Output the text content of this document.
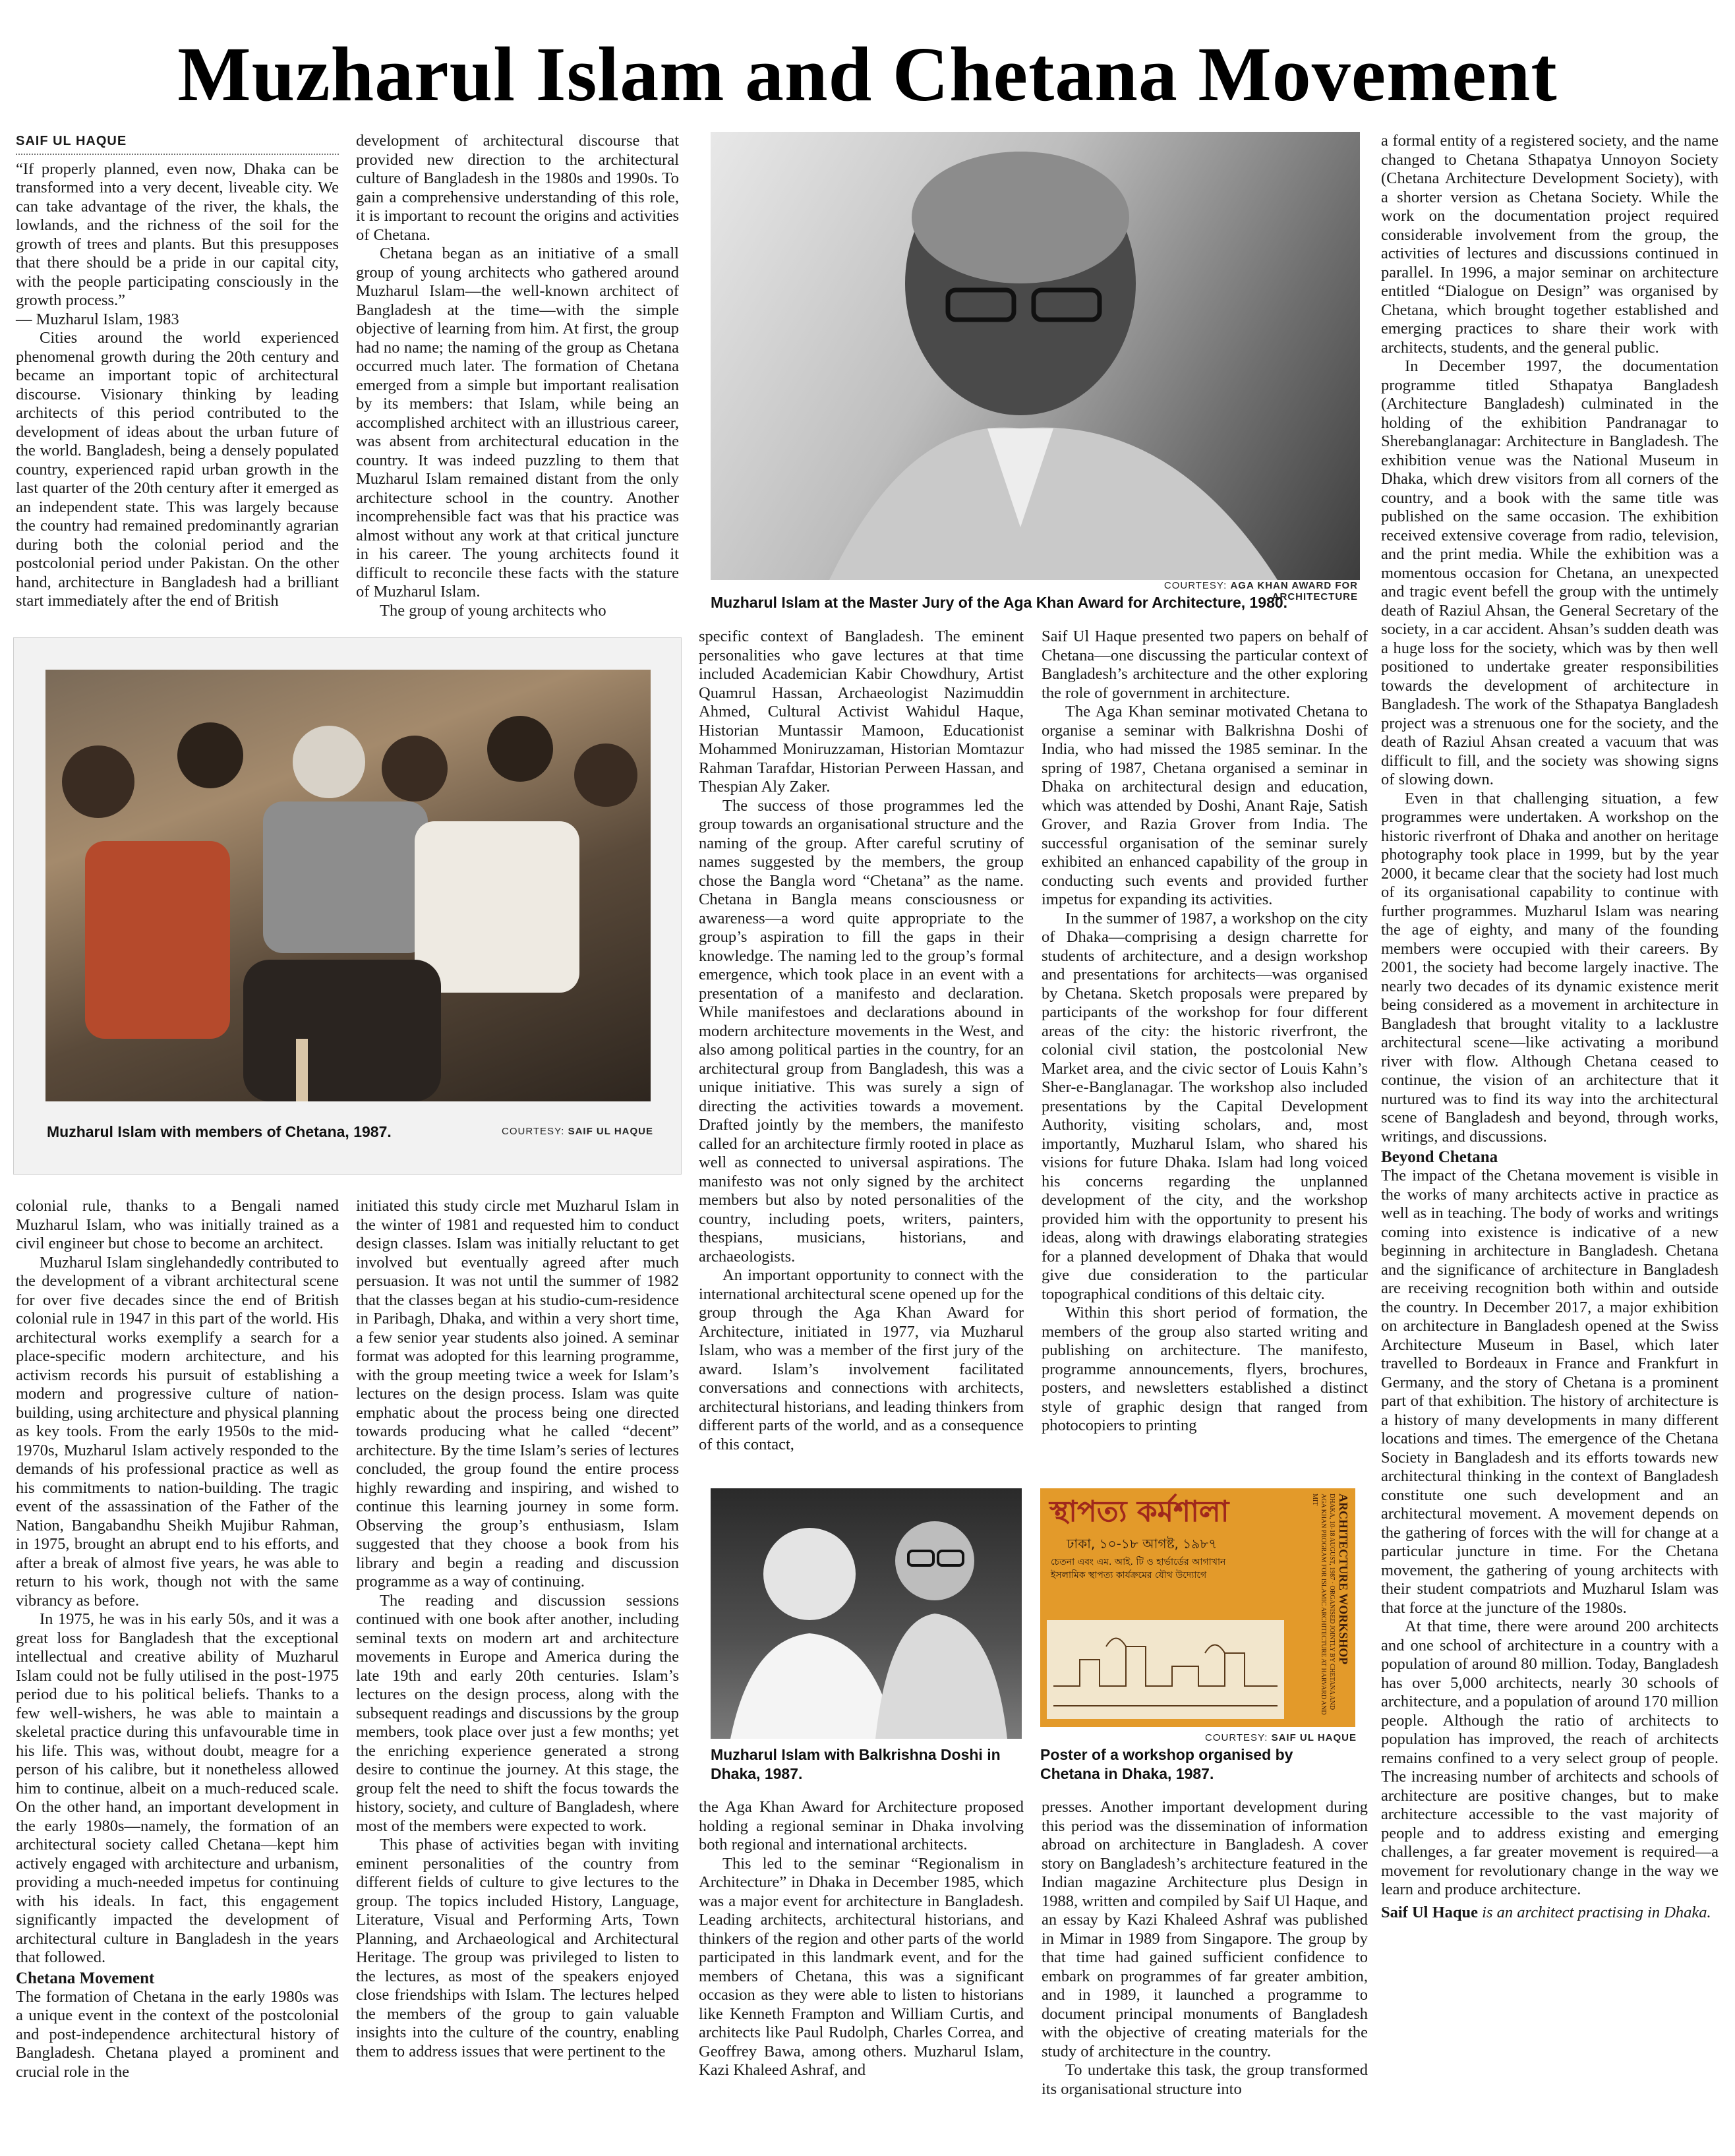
Muzharul Islam and Chetana Movement
SAIF UL HAQUE

“If properly planned, even now, Dhaka can be transformed into a very decent, liveable city. We can take advantage of the river, the khals, the lowlands, and the richness of the soil for the growth of trees and plants. But this presupposes that there should be a pride in our capital city, with the people participating consciously in the growth process.”

— Muzharul Islam, 1983

Cities around the world experienced phenomenal growth during the 20th century and became an important topic of architectural discourse. Visionary thinking by leading architects of this period contributed to the development of ideas about the urban future of the world. Bangladesh, being a densely populated country, experienced rapid urban growth in the last quarter of the 20th century after it emerged as an independent state. This was largely because the country had remained predominantly agrarian during both the colonial period and the postcolonial period under Pakistan. On the other hand, architecture in Bangladesh had a brilliant start immediately after the end of British

development of architectural discourse that provided new direction to the architectural culture of Bangladesh in the 1980s and 1990s. To gain a comprehensive understanding of this role, it is important to recount the origins and activities of Chetana.

Chetana began as an initiative of a small group of young architects who gathered around Muzharul Islam—the well-known architect of Bangladesh at the time—with the simple objective of learning from him. At first, the group had no name; the naming of the group as Chetana occurred much later. The formation of Chetana emerged from a simple but important realisation by its members: that Islam, while being an accomplished architect with an illustrious career, was absent from architectural education in the country. It was indeed puzzling to them that Muzharul Islam remained distant from the only architecture school in the country. Another incomprehensible fact was that his practice was almost without any work at that critical juncture in his career. The young architects found it difficult to reconcile these facts with the stature of Muzharul Islam.

The group of young architects who

COURTESY: AGA KHAN AWARD FOR ARCHITECTURE
Muzharul Islam at the Master Jury of the Aga Khan Award for Architecture, 1980.

a formal entity of a registered society, and the name changed to Chetana Sthapatya Unnoyon Society (Chetana Architecture Development Society), with a shorter version as Chetana Society. While the work on the documentation project required considerable involvement from the group, the activities of lectures and discussions continued in parallel. In 1996, a major seminar on architecture entitled “Dialogue on Design” was organised by Chetana, which brought together established and emerging practices to share their work with architects, students, and the general public.

In December 1997, the documentation programme titled Sthapatya Bangladesh (Architecture Bangladesh) culminated in the holding of the exhibition Pandranagar to Sherebanglanagar: Architecture in Bangladesh. The exhibition venue was the National Museum in Dhaka, which drew visitors from all corners of the country, and a book with the same title was published on the same occasion. The exhibition received extensive coverage from radio, television, and the print media. While the exhibition was a momentous occasion for Chetana, an unexpected and tragic event befell the group with the untimely death of Raziul Ahsan, the General Secretary of the society, in a car accident. Ahsan’s sudden death was a huge loss for the society, which was by then well positioned to undertake greater responsibilities towards the development of architecture in Bangladesh. The work of the Sthapatya Bangladesh project was a strenuous one for the society, and the death of Raziul Ahsan created a vacuum that was difficult to fill, and the society was showing signs of slowing down.

Even in that challenging situation, a few programmes were undertaken. A workshop on the historic riverfront of Dhaka and another on heritage photography took place in 1999, but by the year 2000, it became clear that the society had lost much of its organisational capability to continue with further programmes. Muzharul Islam was nearing the age of eighty, and many of the founding members were occupied with their careers. By 2001, the society had become largely inactive. The nearly two decades of its dynamic existence merit being considered as a movement in architecture in Bangladesh that brought vitality to a lacklustre architectural scene—like activating a moribund river with flow. Although Chetana ceased to continue, the vision of an architecture that it nurtured was to find its way into the architectural scene of Bangladesh and beyond, through works, writings, and discussions.

Beyond Chetana

The impact of the Chetana movement is visible in the works of many architects active in practice as well as in teaching. The body of works and writings coming into existence is indicative of a new beginning in architecture in Bangladesh. Chetana and the significance of architecture in Bangladesh are receiving recognition both within and outside the country. In December 2017, a major exhibition on architecture in Bangladesh opened at the Swiss Architecture Museum in Basel, which later travelled to Bordeaux in France and Frankfurt in Germany, and the story of Chetana is a prominent part of that exhibition. The history of architecture is a history of many developments in many different locations and times. The emergence of the Chetana Society in Bangladesh and its efforts towards new architectural thinking in the context of Bangladesh constitute one such development and an architectural movement. A movement depends on the gathering of forces with the will for change at a particular juncture in time. For the Chetana movement, the gathering of young architects with their student compatriots and Muzharul Islam was that force at the juncture of the 1980s.

At that time, there were around 200 architects and one school of architecture in a country with a population of around 80 million. Today, Bangladesh has over 5,000 architects, nearly 30 schools of architecture, and a population of around 170 million people. Although the ratio of architects to population has improved, the reach of architects remains confined to a very select group of people. The increasing number of architects and schools of architecture are positive changes, but to make architecture accessible to the vast majority of people and to address existing and emerging challenges, a far greater movement is required—a movement for revolutionary change in the way we learn and produce architecture.

Saif Ul Haque is an architect practising in Dhaka.

Muzharul Islam with members of Chetana, 1987.	COURTESY: SAIF UL HAQUE

specific context of Bangladesh. The eminent personalities who gave lectures at that time included Academician Kabir Chowdhury, Artist Quamrul Hassan, Archaeologist Nazimuddin Ahmed, Cultural Activist Wahidul Haque, Historian Muntassir Mamoon, Educationist Mohammed Moniruzzaman, Historian Momtazur Rahman Tarafdar, Historian Perween Hassan, and Thespian Aly Zaker.

The success of those programmes led the group towards an organisational structure and the naming of the group. After careful scrutiny of names suggested by the members, the group chose the Bangla word “Chetana” as the name. Chetana in Bangla means consciousness or awareness—a word quite appropriate to the group’s aspiration to fill the gaps in their knowledge. The naming led to the group’s formal emergence, which took place in an event with a presentation of a manifesto and declaration. While manifestoes and declarations abound in modern architecture movements in the West, and also among political parties in the country, for an architectural group from Bangladesh, this was a unique initiative. This was surely a sign of directing the activities towards a movement. Drafted jointly by the members, the manifesto called for an architecture firmly rooted in place as well as connected to universal aspirations. The manifesto was not only signed by the architect members but also by noted personalities of the country, including poets, writers, painters, thespians, musicians, historians, and archaeologists.

An important opportunity to connect with the international architectural scene opened up for the group through the Aga Khan Award for Architecture, initiated in 1977, via Muzharul Islam, who was a member of the first jury of the award. Islam’s involvement facilitated conversations and connections with architects, architectural historians, and leading thinkers from different parts of the world, and as a consequence of this contact,

Saif Ul Haque presented two papers on behalf of Chetana—one discussing the particular context of Bangladesh’s architecture and the other exploring the role of government in architecture.

The Aga Khan seminar motivated Chetana to organise a seminar with Balkrishna Doshi of India, who had missed the 1985 seminar. In the spring of 1987, Chetana organised a seminar in Dhaka on architectural design and education, which was attended by Doshi, Anant Raje, Satish Grover, and Razia Grover from India. The successful organisation of the seminar surely exhibited an enhanced capability of the group in conducting such events and provided further impetus for expanding its activities.

In the summer of 1987, a workshop on the city of Dhaka—comprising a design charrette for students of architecture, and a design workshop and presentations for architects—was organised by Chetana. Sketch proposals were prepared by participants of the workshop for four different areas of the city: the historic riverfront, the colonial civil station, the postcolonial New Market area, and the civic sector of Louis Kahn’s Sher-e-Banglanagar. The workshop also included presentations by the Capital Development Authority, visiting scholars, and, most importantly, Muzharul Islam, who shared his visions for future Dhaka. Islam had long voiced his concerns regarding the unplanned development of the city, and the workshop provided him with the opportunity to present his ideas, along with drawings elaborating strategies for a planned development of Dhaka that would give due consideration to the particular topographical conditions of this deltaic city.

Within this short period of formation, the members of the group also started writing and publishing on architecture. The manifesto, programme announcements, flyers, brochures, posters, and newsletters established a distinct style of graphic design that ranged from photocopiers to printing

colonial rule, thanks to a Bengali named Muzharul Islam, who was initially trained as a civil engineer but chose to become an architect.

Muzharul Islam singlehandedly contributed to the development of a vibrant architectural scene for over five decades since the end of British colonial rule in 1947 in this part of the world. His architectural works exemplify a search for a place-specific modern architecture, and his activism records his pursuit of establishing a modern and progressive culture of nation-building, using architecture and physical planning as key tools. From the early 1950s to the mid-1970s, Muzharul Islam actively responded to the demands of his professional practice as well as his commitments to nation-building. The tragic event of the assassination of the Father of the Nation, Bangabandhu Sheikh Mujibur Rahman, in 1975, brought an abrupt end to his efforts, and after a break of almost five years, he was able to return to his work, though not with the same vibrancy as before.

In 1975, he was in his early 50s, and it was a great loss for Bangladesh that the exceptional intellectual and creative ability of Muzharul Islam could not be fully utilised in the post-1975 period due to his political beliefs. Thanks to a few well-wishers, he was able to maintain a skeletal practice during this unfavourable time in his life. This was, without doubt, meagre for a person of his calibre, but it nonetheless allowed him to continue, albeit on a much-reduced scale. On the other hand, an important development in the early 1980s—namely, the formation of an architectural society called Chetana—kept him actively engaged with architecture and urbanism, providing a much-needed impetus for continuing with his ideals. In fact, this engagement significantly impacted the development of architectural culture in Bangladesh in the years that followed.

Chetana Movement

The formation of Chetana in the early 1980s was a unique event in the context of the postcolonial and post-independence architectural history of Bangladesh. Chetana played a prominent and crucial role in the

initiated this study circle met Muzharul Islam in the winter of 1981 and requested him to conduct design classes. Islam was initially reluctant to get involved but eventually agreed after much persuasion. It was not until the summer of 1982 that the classes began at his studio-cum-residence in Paribagh, Dhaka, and within a very short time, a few senior year students also joined. A seminar format was adopted for this learning programme, with the group meeting twice a week for Islam’s lectures on the design process. Islam was quite emphatic about the process being one directed towards producing what he called “decent” architecture. By the time Islam’s series of lectures concluded, the group found the entire process highly rewarding and inspiring, and wished to continue this learning journey in some form. Observing the group’s enthusiasm, Islam suggested that they choose a book from his library and begin a reading and discussion programme as a way of continuing.

The reading and discussion sessions continued with one book after another, including seminal texts on modern art and architecture movements in Europe and America during the late 19th and early 20th centuries. Islam’s lectures on the design process, along with the subsequent readings and discussions by the group members, took place over just a few months; yet the enriching experience generated a strong desire to continue the journey. At this stage, the group felt the need to shift the focus towards the history, society, and culture of Bangladesh, where most of the members were expected to work.

This phase of activities began with inviting eminent personalities of the country from different fields of culture to give lectures to the group. The topics included History, Language, Literature, Visual and Performing Arts, Town Planning, and Archaeological and Architectural Heritage. The group was privileged to listen to the lectures, as most of the speakers enjoyed close friendships with Islam. The lectures helped the members of the group to gain valuable insights into the culture of the country, enabling them to address issues that were pertinent to the

Muzharul Islam with Balkrishna Doshi in Dhaka, 1987.
স্থাপত্য কর্মশালা
ঢাকা, ১০-১৮ আগষ্ট, ১৯৮৭
চেতনা এবং এম. আই. টি ও হার্ভার্ডের আগাখান
ইসলামিক স্থাপত্য কার্যক্রমের যৌথ উদ্যোগে	ARCHITECTURE WORKSHOP
DHAKA, 10-18 AUGUST, 1987 · ORGANISED JOINTLY BY CHETANA AND AGA KHAN PROGRAM FOR ISLAMIC ARCHITECTURE AT HARVARD AND MIT
COURTESY: SAIF UL HAQUE
Poster of a workshop organised by Chetana in Dhaka, 1987.

the Aga Khan Award for Architecture proposed holding a regional seminar in Dhaka involving both regional and international architects.

This led to the seminar “Regionalism in Architecture” in Dhaka in December 1985, which was a major event for architecture in Bangladesh. Leading architects, architectural historians, and thinkers of the region and other parts of the world participated in this landmark event, and for the members of Chetana, this was a significant occasion as they were able to listen to historians like Kenneth Frampton and William Curtis, and architects like Paul Rudolph, Charles Correa, and Geoffrey Bawa, among others. Muzharul Islam, Kazi Khaleed Ashraf, and

presses. Another important development during this period was the dissemination of information abroad on architecture in Bangladesh. A cover story on Bangladesh’s architecture featured in the Indian magazine Architecture plus Design in 1988, written and compiled by Saif Ul Haque, and an essay by Kazi Khaleed Ashraf was published in Mimar in 1989 from Singapore. The group by that time had gained sufficient confidence to embark on programmes of far greater ambition, and in 1989, it launched a programme to document principal monuments of Bangladesh with the objective of creating materials for the study of architecture in the country.

To undertake this task, the group transformed its organisational structure into
